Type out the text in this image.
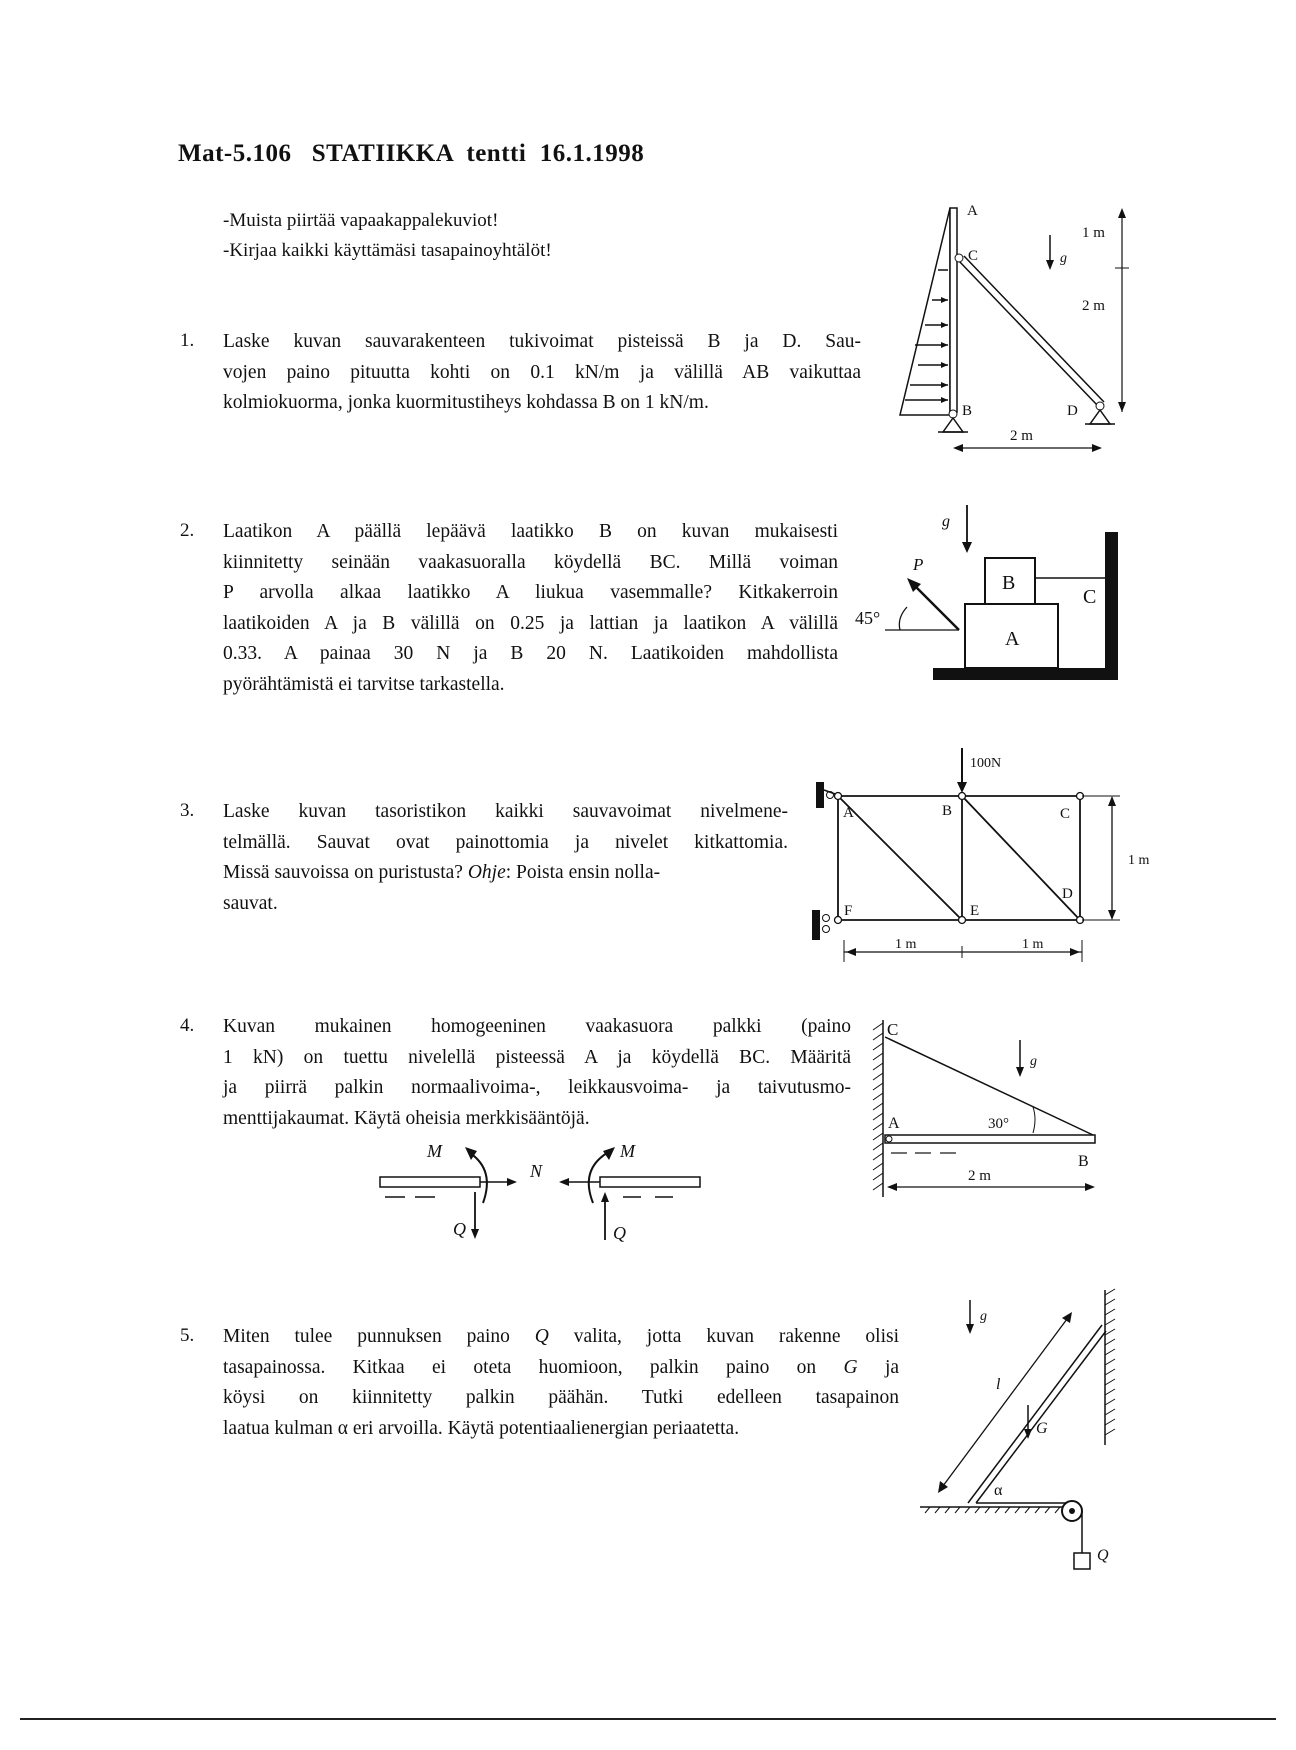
Mat-5.106   STATIIKKA  tentti  16.1.1998
-Muista piirtää vapaakappalekuviot!
-Kirjaa kaikki käyttämäsi tasapainoyhtälöt!
1. Laske kuvan sauvarakenteen tukivoimat pisteissä B ja D. Sau-
vojen paino pituutta kohti on 0.1 kN/m ja välillä AB vaikuttaa
kolmiokuorma, jonka kuormitustiheys kohdassa B on 1 kN/m.
g
1 m
2 m
2 m
A
C
B	D
2. Laatikon A päällä lepäävä laatikko B on kuvan mukaisesti
kiinnitetty seinään vaakasuoralla köydellä BC. Millä voiman
P arvolla alkaa laatikko A liukua vasemmalle? Kitkakerroin
laatikoiden A ja B välillä on 0.25 ja lattian ja laatikon A välillä
0.33. A painaa 30 N ja B 20 N. Laatikoiden mahdollista
pyörähtämistä ei tarvitse tarkastella.
g
A
B
C
P
45°
3. Laske kuvan tasoristikon kaikki sauvavoimat nivelmene-
telmällä. Sauvat ovat painottomia ja nivelet kitkattomia.
Missä sauvoissa on puristusta? Ohje: Poista ensin nolla-
sauvat.
100N
A	B	C
D
E
F
1 m
1 m	1 m
4. Kuvan mukainen homogeeninen vaakasuora palkki (paino
1 kN) on tuettu nivelellä pisteessä A ja köydellä BC. Määritä
ja piirrä palkin normaalivoima-, leikkausvoima- ja taivutusmo-
menttijakaumat. Käytä oheisia merkkisääntöjä.
M	M
N
Q	Q
g
30°
C
A
B
2 m
5. Miten tulee punnuksen paino Q valita, jotta kuvan rakenne olisi
tasapainossa. Kitkaa ei oteta huomioon, palkin paino on G ja
köysi on kiinnitetty palkin päähän. Tutki edelleen tasapainon
laatua kulman α eri arvoilla. Käytä potentiaalienergian periaatetta.
Q
l
g
G
α
